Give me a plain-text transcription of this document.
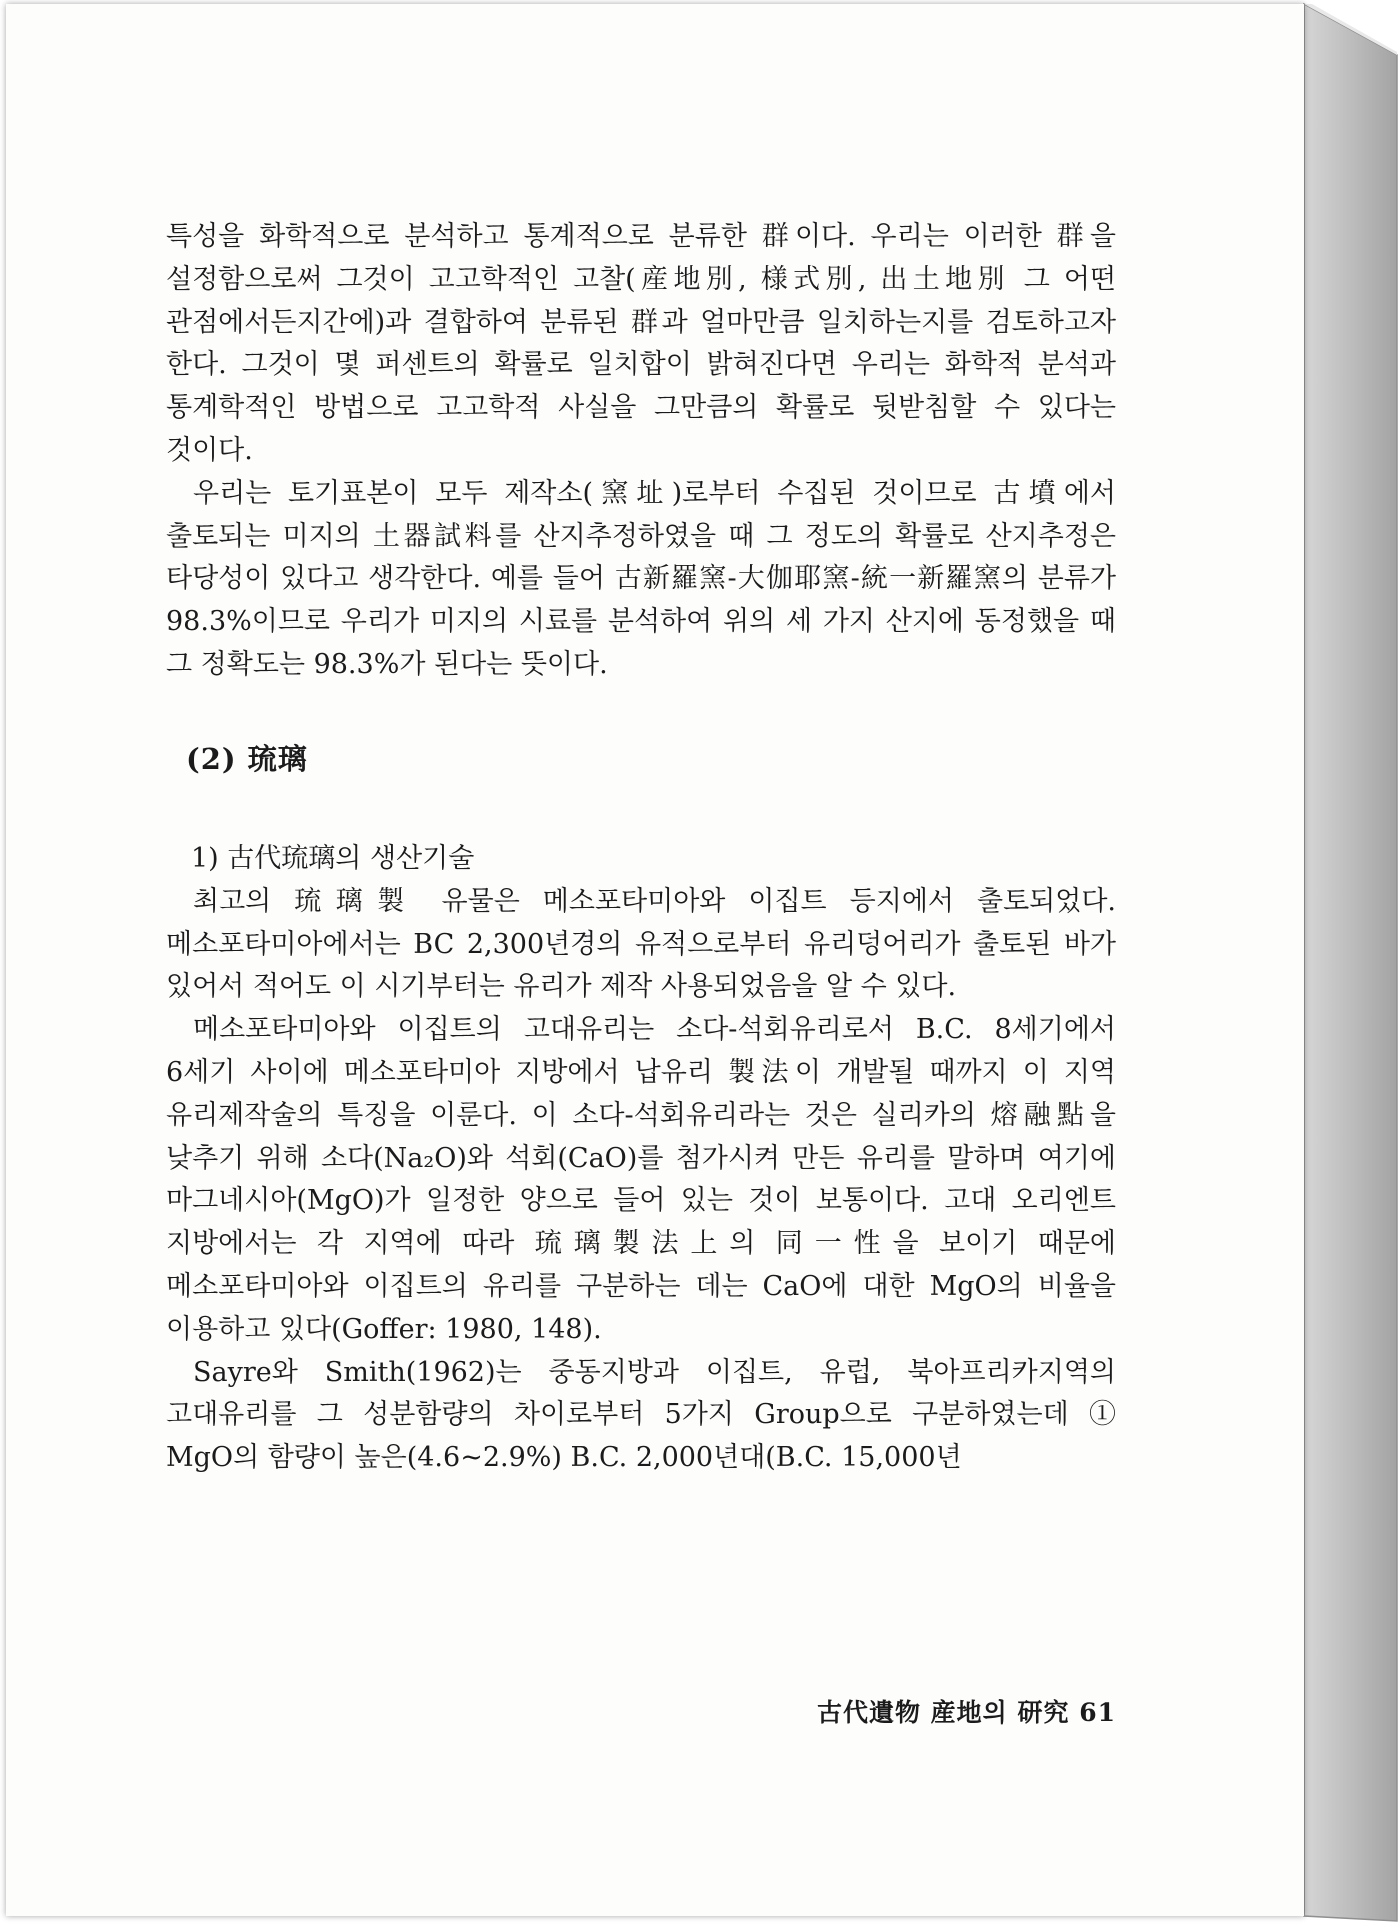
특성을 화학적으로 분석하고 통계적으로 분류한 群이다. 우리는 이러한 群을 설정함으로써 그것이 고고학적인 고찰(産地別, 様式別, 出土地別 그 어떤 관점에서든지간에)과 결합하여 분류된 群과 얼마만큼 일치하는지를 검토하고자 한다. 그것이 몇 퍼센트의 확률로 일치합이 밝혀진다면 우리는 화학적 분석과 통계학적인 방법으로 고고학적 사실을 그만큼의 확률로 뒷받침할 수 있다는 것이다.

우리는 토기표본이 모두 제작소(窯址)로부터 수집된 것이므로 古墳에서 출토되는 미지의 土器試料를 산지추정하였을 때 그 정도의 확률로 산지추정은 타당성이 있다고 생각한다. 예를 들어 古新羅窯-大伽耶窯-統一新羅窯의 분류가 98.3%이므로 우리가 미지의 시료를 분석하여 위의 세 가지 산지에 동정했을 때 그 정확도는 98.3%가 된다는 뜻이다.

(2) 琉璃
1) 古代琉璃의 생산기술

최고의 琉璃製 유물은 메소포타미아와 이집트 등지에서 출토되었다. 메소포타미아에서는 BC 2,300년경의 유적으로부터 유리덩어리가 출토된 바가 있어서 적어도 이 시기부터는 유리가 제작 사용되었음을 알 수 있다.

메소포타미아와 이집트의 고대유리는 소다-석회유리로서 B.C. 8세기에서 6세기 사이에 메소포타미아 지방에서 납유리 製法이 개발될 때까지 이 지역 유리제작술의 특징을 이룬다. 이 소다-석회유리라는 것은 실리카의 熔融點을 낮추기 위해 소다(Na₂O)와 석회(CaO)를 첨가시켜 만든 유리를 말하며 여기에 마그네시아(MgO)가 일정한 양으로 들어 있는 것이 보통이다. 고대 오리엔트 지방에서는 각 지역에 따라 琉璃製法上의 同一性을 보이기 때문에 메소포타미아와 이집트의 유리를 구분하는 데는 CaO에 대한 MgO의 비율을 이용하고 있다(Goffer: 1980, 148).

Sayre와 Smith(1962)는 중동지방과 이집트, 유럽, 북아프리카지역의 고대유리를 그 성분함량의 차이로부터 5가지 Group으로 구분하였는데 ① MgO의 함량이 높은(4.6~2.9%) B.C. 2,000년대(B.C. 15,000년

古代遺物 産地의 研究 61
